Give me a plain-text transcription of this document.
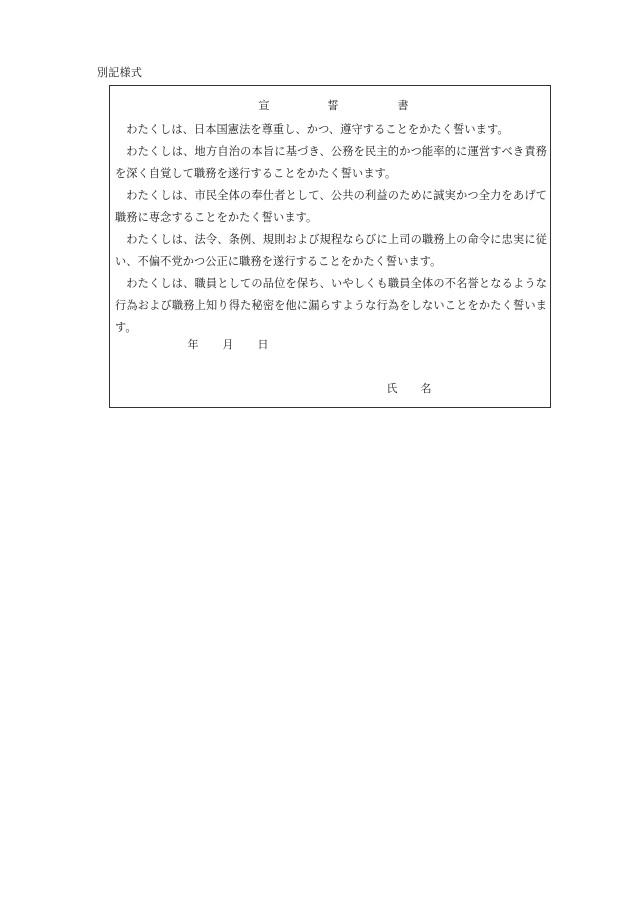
別記様式
宣	誓	書

わたくしは、日本国憲法を尊重し、かつ、遵守することをかたく誓います。

わたくしは、地方自治の本旨に基づき、公務を民主的かつ能率的に運営すべき責務を深く自覚して職務を遂行することをかたく誓います。

わたくしは、市民全体の奉仕者として、公共の利益のために誠実かつ全力をあげて職務に専念することをかたく誓います。

わたくしは、法令、条例、規則および規程ならびに上司の職務上の命令に忠実に従い、不偏不党かつ公正に職務を遂行することをかたく誓います。

わたくしは、職員としての品位を保ち、いやしくも職員全体の不名誉となるような行為および職務上知り得た秘密を他に漏らすような行為をしないことをかたく誓います。

年 月 日
氏 名
